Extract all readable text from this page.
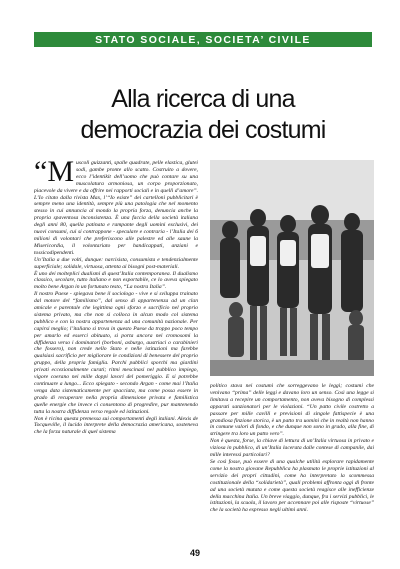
STATO SOCIALE, SOCIETA’ CIVILE
Alla ricerca di una
democrazia dei costumi

“Muscoli guizzanti, spalle quadrate, pelle elastica, glutei sodi, gambe pronte allo scatto. Costruito a dovere, ecco l’identikit dell’uomo che può contare su una muscolatura armoniosa, un corpo proporzionato, piacevole da vivere e da offrire nei rapporti sociali e in quelli d’amore”. L’Io citato dalla rivista Max, l’“Io esiste” dei cartelloni pubblicitari è sempre meno una identità, sempre più una patologia che nel momento stesso in cui annuncia al mondo la propria forza, denuncia anche la propria spaventosa inconsistenza. È una faccia della società italiana degli anni 80, quella patinata e rampante degli uomini esclusivi, dei nuovi consumi, cui si contrappone - speculare e contraria - l’Italia dei 6 milioni di volontari che preferiscono alle palestre ed alle saune la Misericordia, il volontariato per handicappati, anziani e tossicodipendenti.

Un’Italia a due volti, dunque: narcisista, consumista e tendenzialmente superficiale; solidale, virtuosa, attenta ai bisogni post-materiali.

È uno dei molteplici dualismi di quest’Italia contemporanea. Il dualismo classico, secolare, tutto italiano e non esportabile, ce lo aveva spiegato molto bene Argan in un fortunato testo, “La nostra Italia”.

Il nostro Paese - spiegava bene il sociologo - vive e si sviluppa trainato dal motore del “familismo”, dal senso di appartenenza ad un clan amicale e parentale che legittima ogni sforzo e sacrificio nel proprio sistema privato, ma che non si colloca in alcun modo col sistema pubblico e con la nostra appartenenza ad una comunità nazionale. Per capirsi meglio; l’italiano si trova in questo Paese da troppo poco tempo per amarlo ed esserci abituato, si porta ancora nei cromosomi la diffidenza verso i dominatori (borboni, asburgo, austriaci o carabinieri che fossero), non crede nello Stato e nelle istituzioni ma farebbe qualsiasi sacrificio per migliorare le condizioni di benessere del proprio gruppo, della propria famiglia. Parchi pubblici sporchi ma giardini privati eccezionalmente curati; ritmi mescinasi nel pubblico impiego, vigore coerano nei mille doppi lavori del pomeriggio. E si potrebbe continuare a lungo... Ecco spiegato - secondo Argan - come mai l’Italia venga data sistematicamente per spacciata, ma come possa essere in grado di recuperare nella propria dimensione privata e familistica quelle energie che invece ci consentono di progredire, pur mantenendo tutta la nostra diffidenza verso regole ed istituzioni.

Non è ricina questa premessa sui comportamenti degli italiani. Alexis de Tocqueville, il lucido interprete della democrazia americana, sosteneva che la forza naturale di quel sistema

politico stava nei costumi che sorreggevano le leggi; costumi che venivano “prima” delle leggi e davano loro un senso. Così una legge si limitava a recepire un comportamento, non aveva bisogno di complessi apparati sanzionatori per le violazioni. “Un patto civile costretto a passare per mille cavilli e previsioni di singole fattispecie è una grandiosa finzione storica, è un patto tra uomini che in realtà non hanno in comune valori di fondo, e che dunque non sono in grado, alla fine, di stringere tra loro un patto vero”.

Non è questa, forse, la chiave di lettura di un’Italia virtuosa in privato e viziosa in pubblico, di un’Italia lacerata dalle contese di campanile, dai mille interessi particolari?

Se così fosse, può essere di una qualche utilità esplorare rapidamente come la nostra giovane Repubblica ha plasmato le proprie istituzioni al servizio dei propri cittadini, come ha interpretato la scommessa costituzionale della “solidarietà”, quali problemi affronta oggi di fronte ad una società mutata e come questa società reagisce alle inefficienze della macchina Italia. Un breve viaggio, dunque, fra i servizi pubblici, le istituzioni, la scuola, il lavoro per accennare poi alle risposte “virtuose” che la società ha espresso negli ultimi anni.

49
